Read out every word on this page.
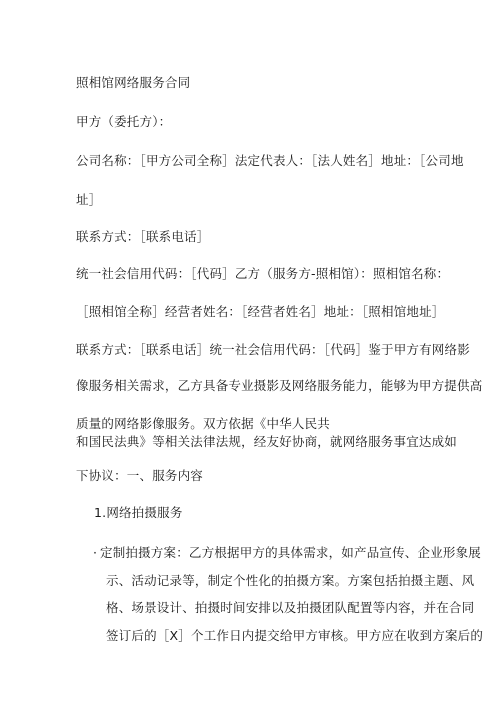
照相馆网络服务合同
甲方（委托方）：
公司名称：［甲方公司全称］法定代表人：［法人姓名］地址：［公司地
址］
联系方式：［联系电话］
统一社会信用代码：［代码］乙方（服务方-照相馆）：照相馆名称：
［照相馆全称］经营者姓名：［经营者姓名］地址：［照相馆地址］
联系方式：［联系电话］统一社会信用代码：［代码］鉴于甲方有网络影
像服务相关需求，乙方具备专业摄影及网络服务能力，能够为甲方提供高
质量的网络影像服务。双方依据《中华人民共
和国民法典》等相关法律法规，经友好协商，就网络服务事宜达成如
下协议：一、服务内容
1.网络拍摄服务
· 定制拍摄方案：乙方根据甲方的具体需求，如产品宣传、企业形象展
示、活动记录等，制定个性化的拍摄方案。方案包括拍摄主题、风
格、场景设计、拍摄时间安排以及拍摄团队配置等内容，并在合同
签订后的［X］个工作日内提交给甲方审核。甲方应在收到方案后的
